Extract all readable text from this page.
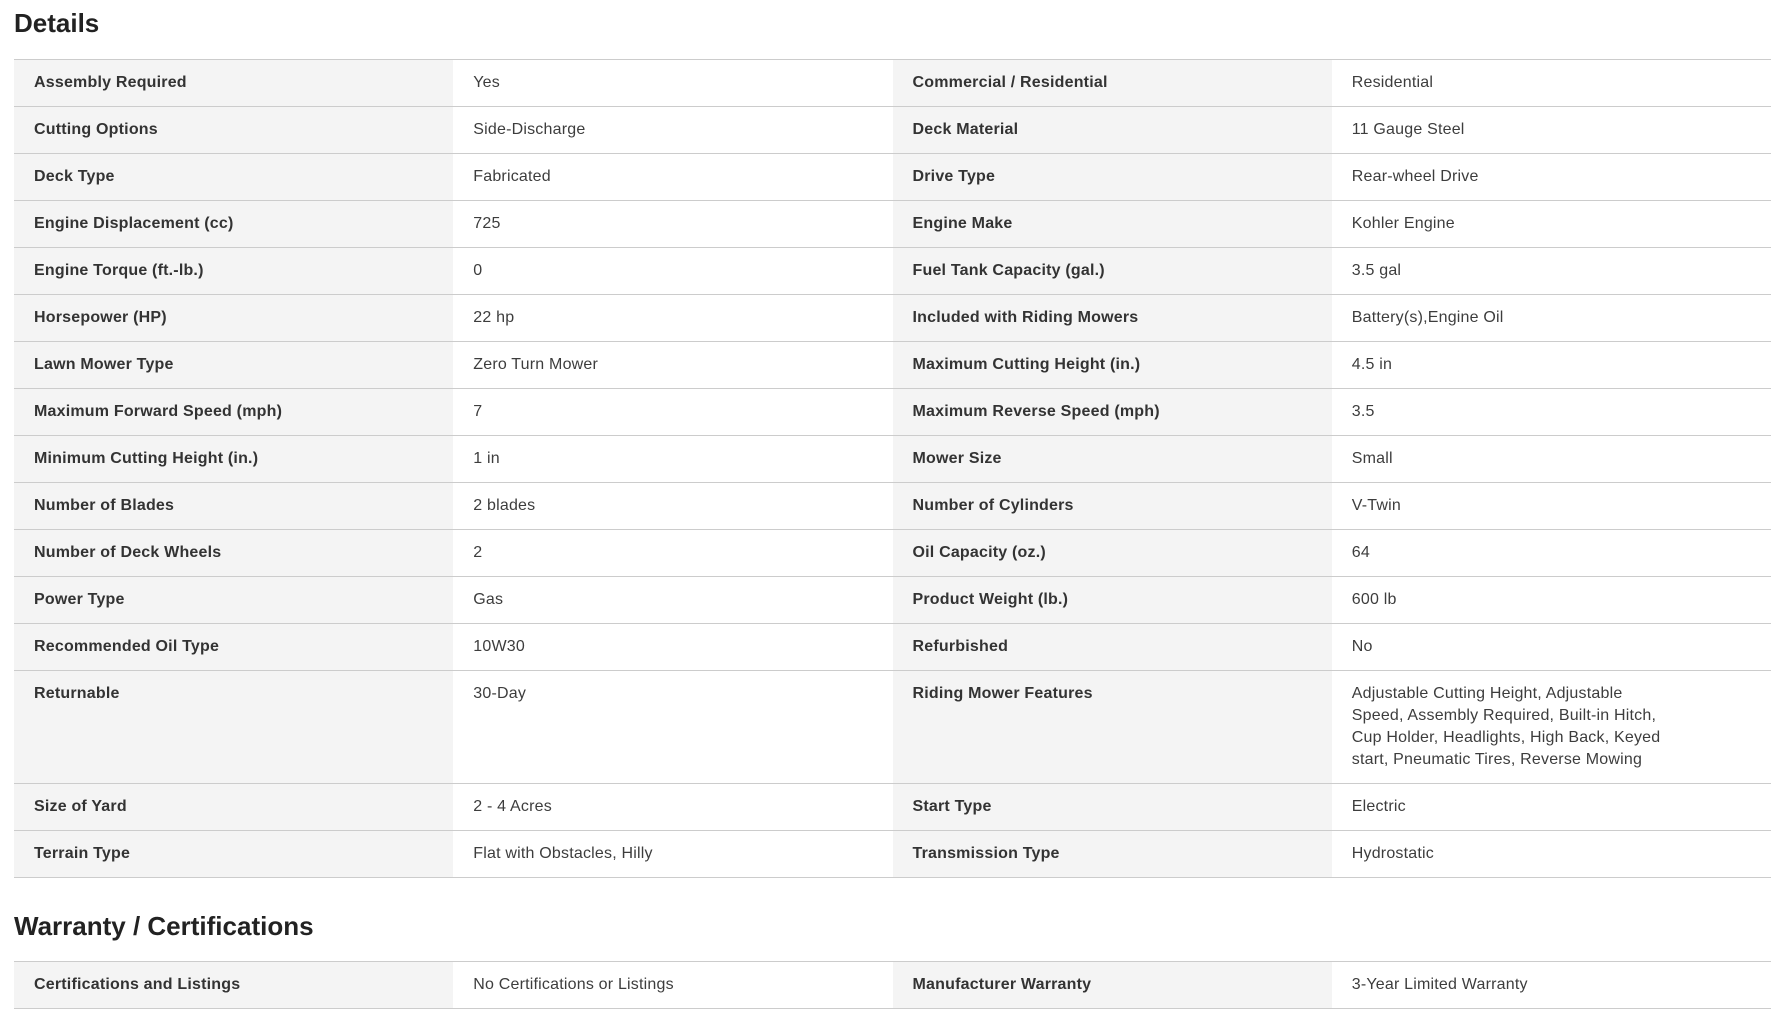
Details
Assembly Required	Yes	Commercial / Residential	Residential
Cutting Options	Side-Discharge	Deck Material	11 Gauge Steel
Deck Type	Fabricated	Drive Type	Rear-wheel Drive
Engine Displacement (cc)	725	Engine Make	Kohler Engine
Engine Torque (ft.-lb.)	0	Fuel Tank Capacity (gal.)	3.5 gal
Horsepower (HP)	22 hp	Included with Riding Mowers	Battery(s),Engine Oil
Lawn Mower Type	Zero Turn Mower	Maximum Cutting Height (in.)	4.5 in
Maximum Forward Speed (mph)	7	Maximum Reverse Speed (mph)	3.5
Minimum Cutting Height (in.)	1 in	Mower Size	Small
Number of Blades	2 blades	Number of Cylinders	V-Twin
Number of Deck Wheels	2	Oil Capacity (oz.)	64
Power Type	Gas	Product Weight (lb.)	600 lb
Recommended Oil Type	10W30	Refurbished	No
Returnable	30-Day	Riding Mower Features	Adjustable Cutting Height, Adjustable Speed, Assembly Required, Built-in Hitch, Cup Holder, Headlights, High Back, Keyed start, Pneumatic Tires, Reverse Mowing
Size of Yard	2 - 4 Acres	Start Type	Electric
Terrain Type	Flat with Obstacles, Hilly	Transmission Type	Hydrostatic
Warranty / Certifications
Certifications and Listings	No Certifications or Listings	Manufacturer Warranty	3-Year Limited Warranty
